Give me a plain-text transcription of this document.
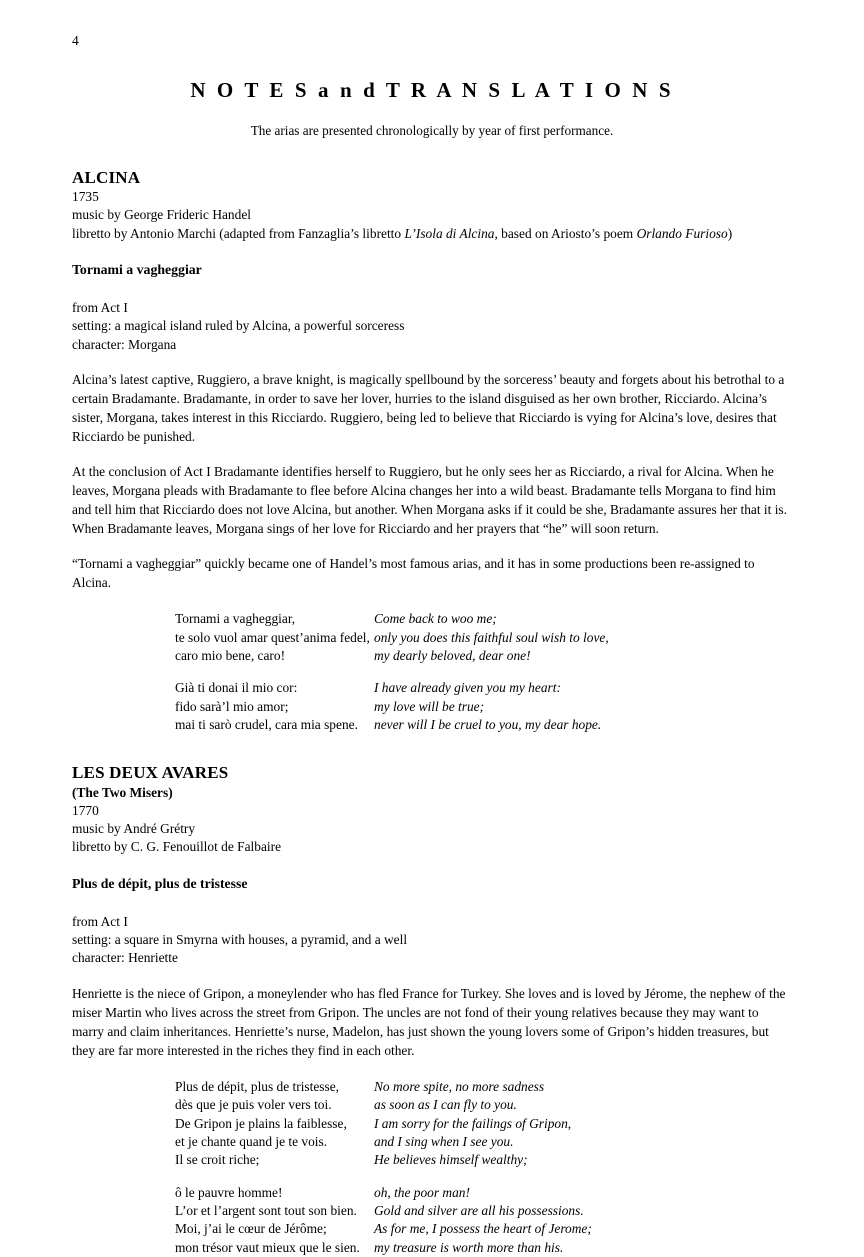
4
N O T E S a n d T R A N S L A T I O N S

The arias are presented chronologically by year of first performance.

ALCINA

1735

music by George Frideric Handel

libretto by Antonio Marchi (adapted from Fanzaglia’s libretto L’Isola di Alcina, based on Ariosto’s poem Orlando Furioso)

Tornami a vagheggiar

from Act I

setting: a magical island ruled by Alcina, a powerful sorceress

character: Morgana

Alcina’s latest captive, Ruggiero, a brave knight, is magically spellbound by the sorceress’ beauty and forgets about his betrothal to a certain Bradamante. Bradamante, in order to save her lover, hurries to the island disguised as her own brother, Ricciardo. Alcina’s sister, Morgana, takes interest in this Ricciardo. Ruggiero, being led to believe that Ricciardo is vying for Alcina’s love, desires that Ricciardo be punished.

At the conclusion of Act I Bradamante identifies herself to Ruggiero, but he only sees her as Ricciardo, a rival for Alcina. When he leaves, Morgana pleads with Bradamante to flee before Alcina changes her into a wild beast. Bradamante tells Morgana to find him and tell him that Ricciardo does not love Alcina, but another. When Morgana asks if it could be she, Bradamante assures her that it is. When Bradamante leaves, Morgana sings of her love for Ricciardo and her prayers that “he” will soon return.

“Tornami a vagheggiar” quickly became one of Handel’s most famous arias, and it has in some productions been re-assigned to Alcina.

Tornami a vagheggiar,

te solo vuol amar quest’anima fedel,

caro mio bene, caro!

Come back to woo me;

only you does this faithful soul wish to love,

my dearly beloved, dear one!

Già ti donai il mio cor:

fido sarà’l mio amor;

mai ti sarò crudel, cara mia spene.

I have already given you my heart:

my love will be true;

never will I be cruel to you, my dear hope.

LES DEUX AVARES

(The Two Misers)

1770

music by André Grétry

libretto by C. G. Fenouillot de Falbaire

Plus de dépit, plus de tristesse

from Act I

setting: a square in Smyrna with houses, a pyramid, and a well

character: Henriette

Henriette is the niece of Gripon, a moneylender who has fled France for Turkey. She loves and is loved by Jérome, the nephew of the miser Martin who lives across the street from Gripon. The uncles are not fond of their young relatives because they may want to marry and claim inheritances. Henriette’s nurse, Madelon, has just shown the young lovers some of Gripon’s hidden treasures, but they are far more interested in the riches they find in each other.

Plus de dépit, plus de tristesse,

dès que je puis voler vers toi.

De Gripon je plains la faiblesse,

et je chante quand je te vois.

Il se croit riche;

No more spite, no more sadness

as soon as I can fly to you.

I am sorry for the failings of Gripon,

and I sing when I see you.

He believes himself wealthy;

ô le pauvre homme!

L’or et l’argent sont tout son bien.

Moi, j’ai le cœur de Jérôme;

mon trésor vaut mieux que le sien.

oh, the poor man!

Gold and silver are all his possessions.

As for me, I possess the heart of Jerome;

my treasure is worth more than his.
